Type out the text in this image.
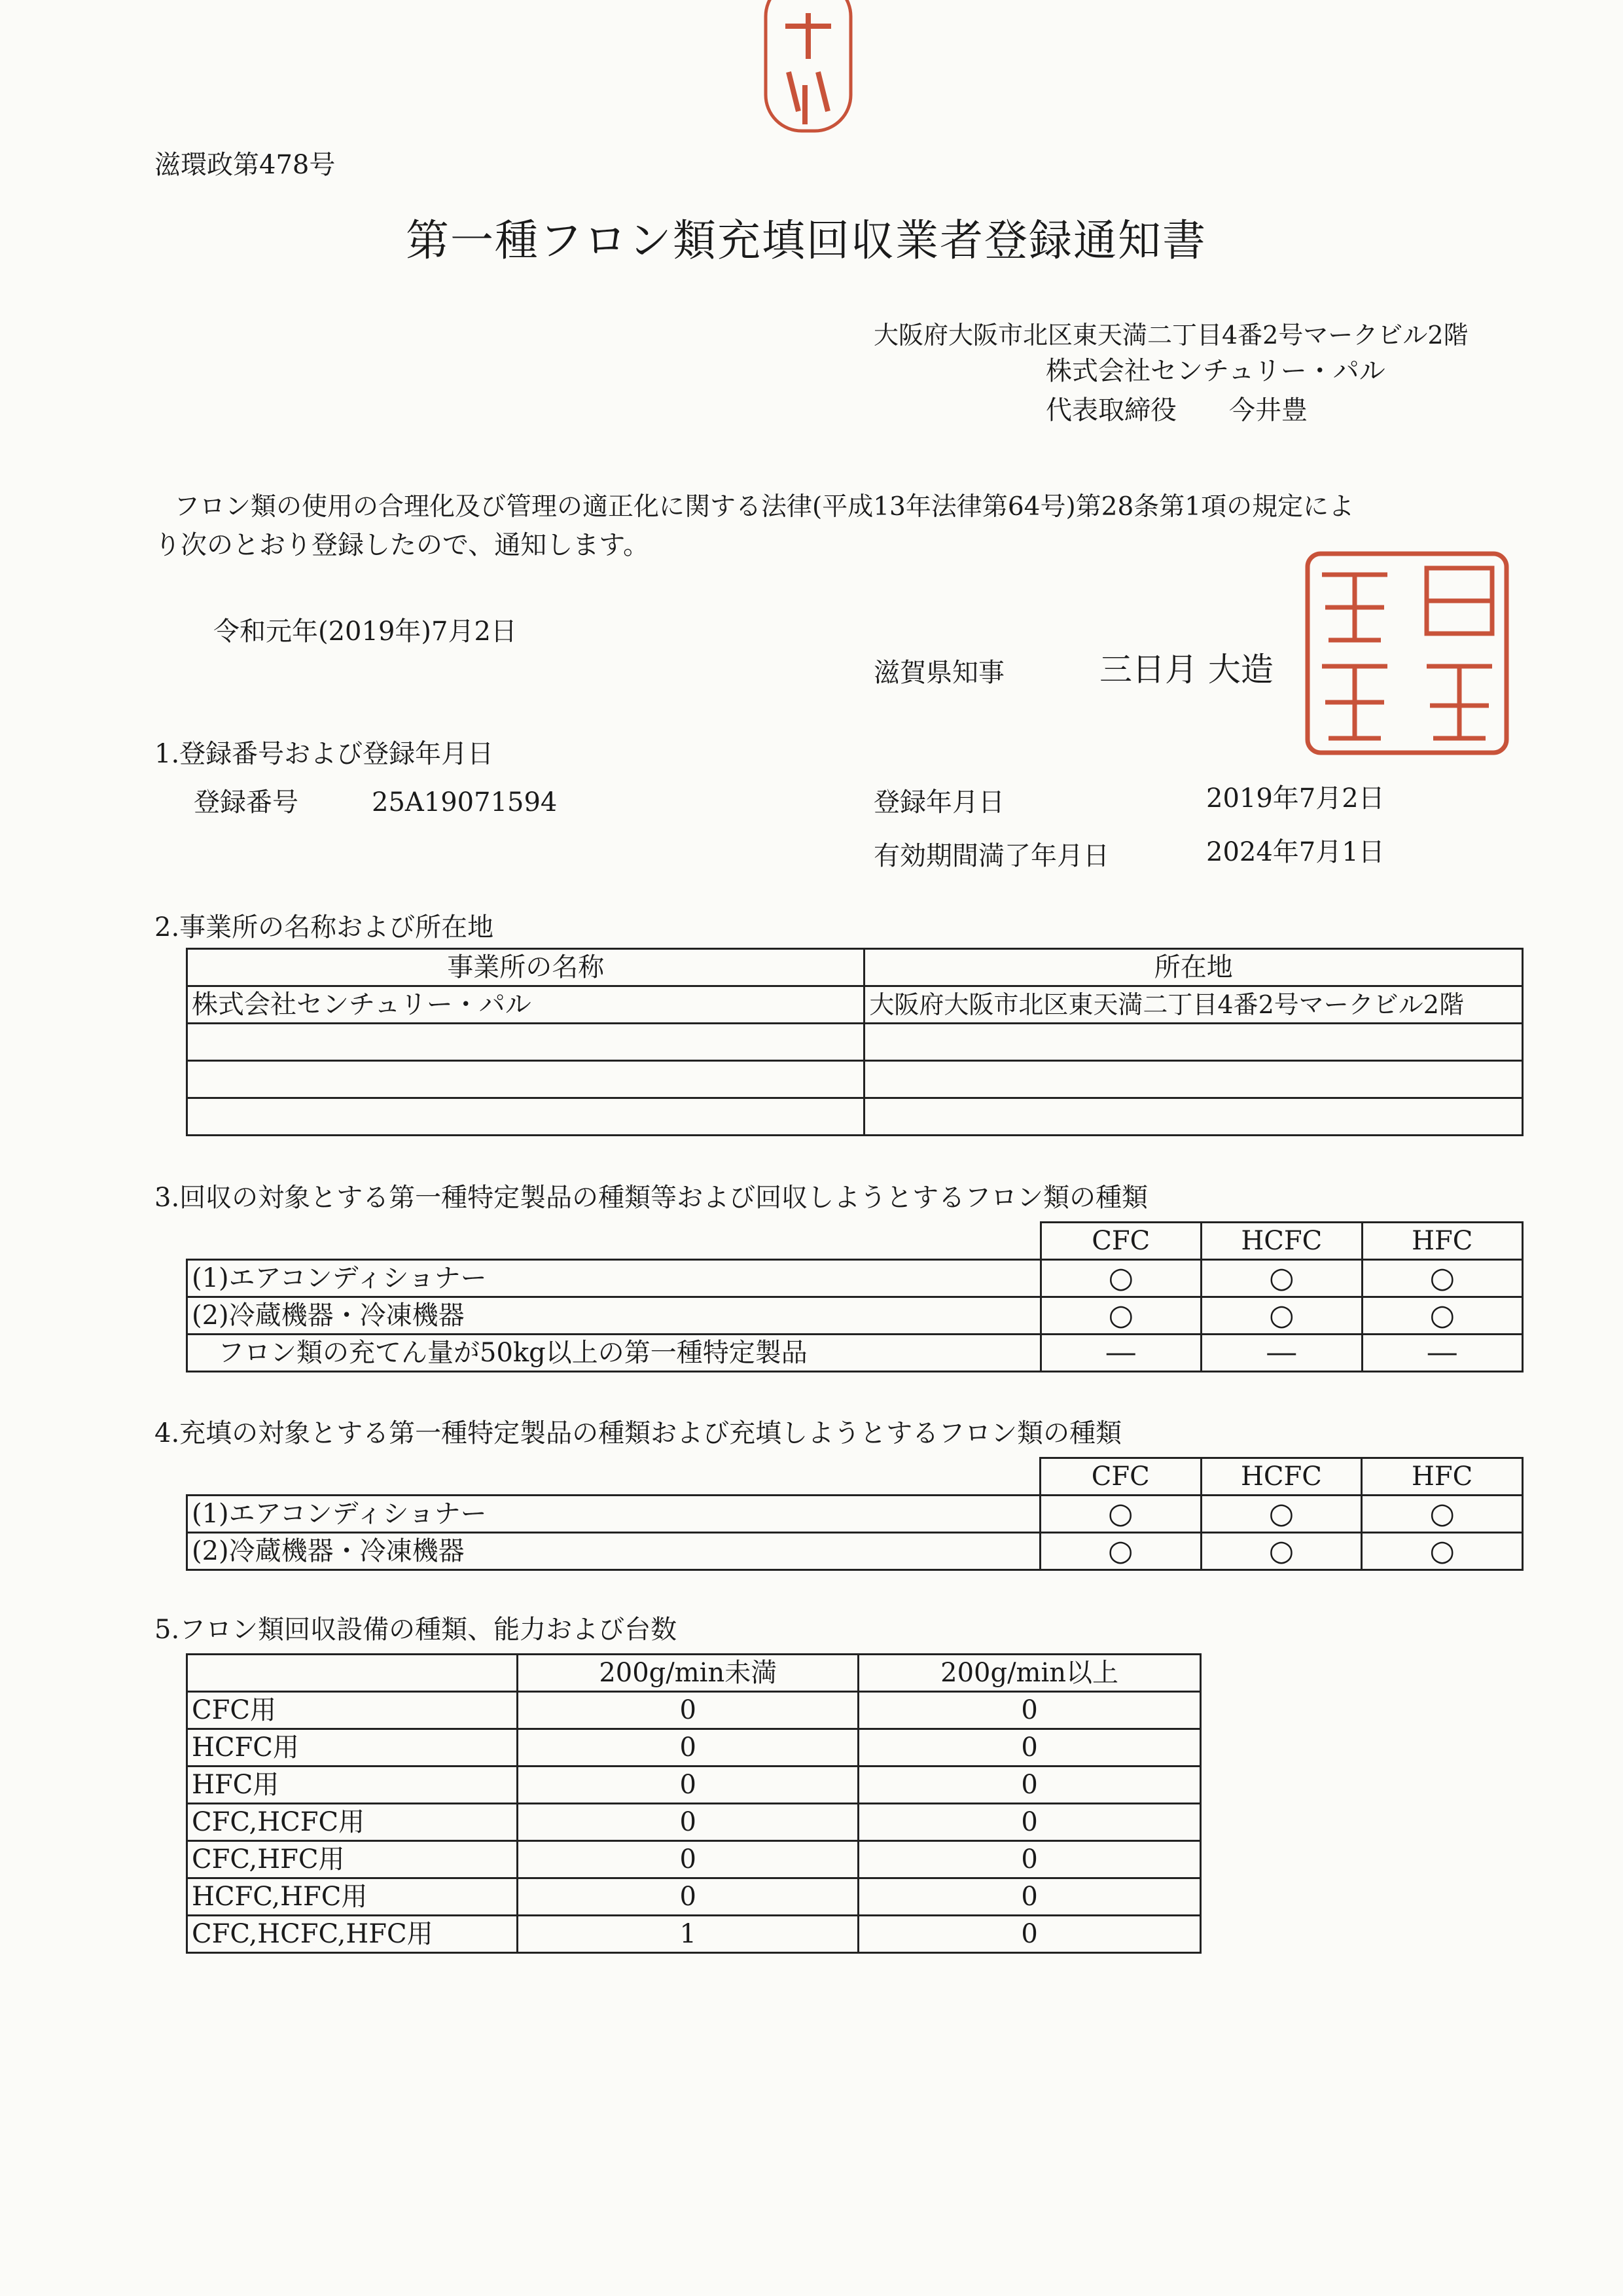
滋環政第478号
第一種フロン類充填回収業者登録通知書
大阪府大阪市北区東天満二丁目4番2号マークビル2階
株式会社センチュリー・パル
代表取締役 今井豊
フロン類の使用の合理化及び管理の適正化に関する法律(平成13年法律第64号)第28条第1項の規定によ
り次のとおり登録したので、通知します。
令和元年(2019年)7月2日
滋賀県知事	三日月 大造
1.登録番号および登録年月日
登録番号	25A19071594	登録年月日	2019年7月2日
有効期間満了年月日	2024年7月1日
2.事業所の名称および所在地
事業所の名称	所在地
株式会社センチュリー・パル	大阪府大阪市北区東天満二丁目4番2号マークビル2階

3.回収の対象とする第一種特定製品の種類等および回収しようとするフロン類の種類
	CFC	HCFC	HFC
(1)エアコンディショナー	○	○	○
(2)冷蔵機器・冷凍機器	○	○	○
　フロン類の充てん量が50kg以上の第一種特定製品	―	―	―
4.充填の対象とする第一種特定製品の種類および充填しようとするフロン類の種類
	CFC	HCFC	HFC
(1)エアコンディショナー	○	○	○
(2)冷蔵機器・冷凍機器	○	○	○
5.フロン類回収設備の種類、能力および台数
	200g/min未満	200g/min以上
CFC用	0	0
HCFC用	0	0
HFC用	0	0
CFC,HCFC用	0	0
CFC,HFC用	0	0
HCFC,HFC用	0	0
CFC,HCFC,HFC用	1	0
